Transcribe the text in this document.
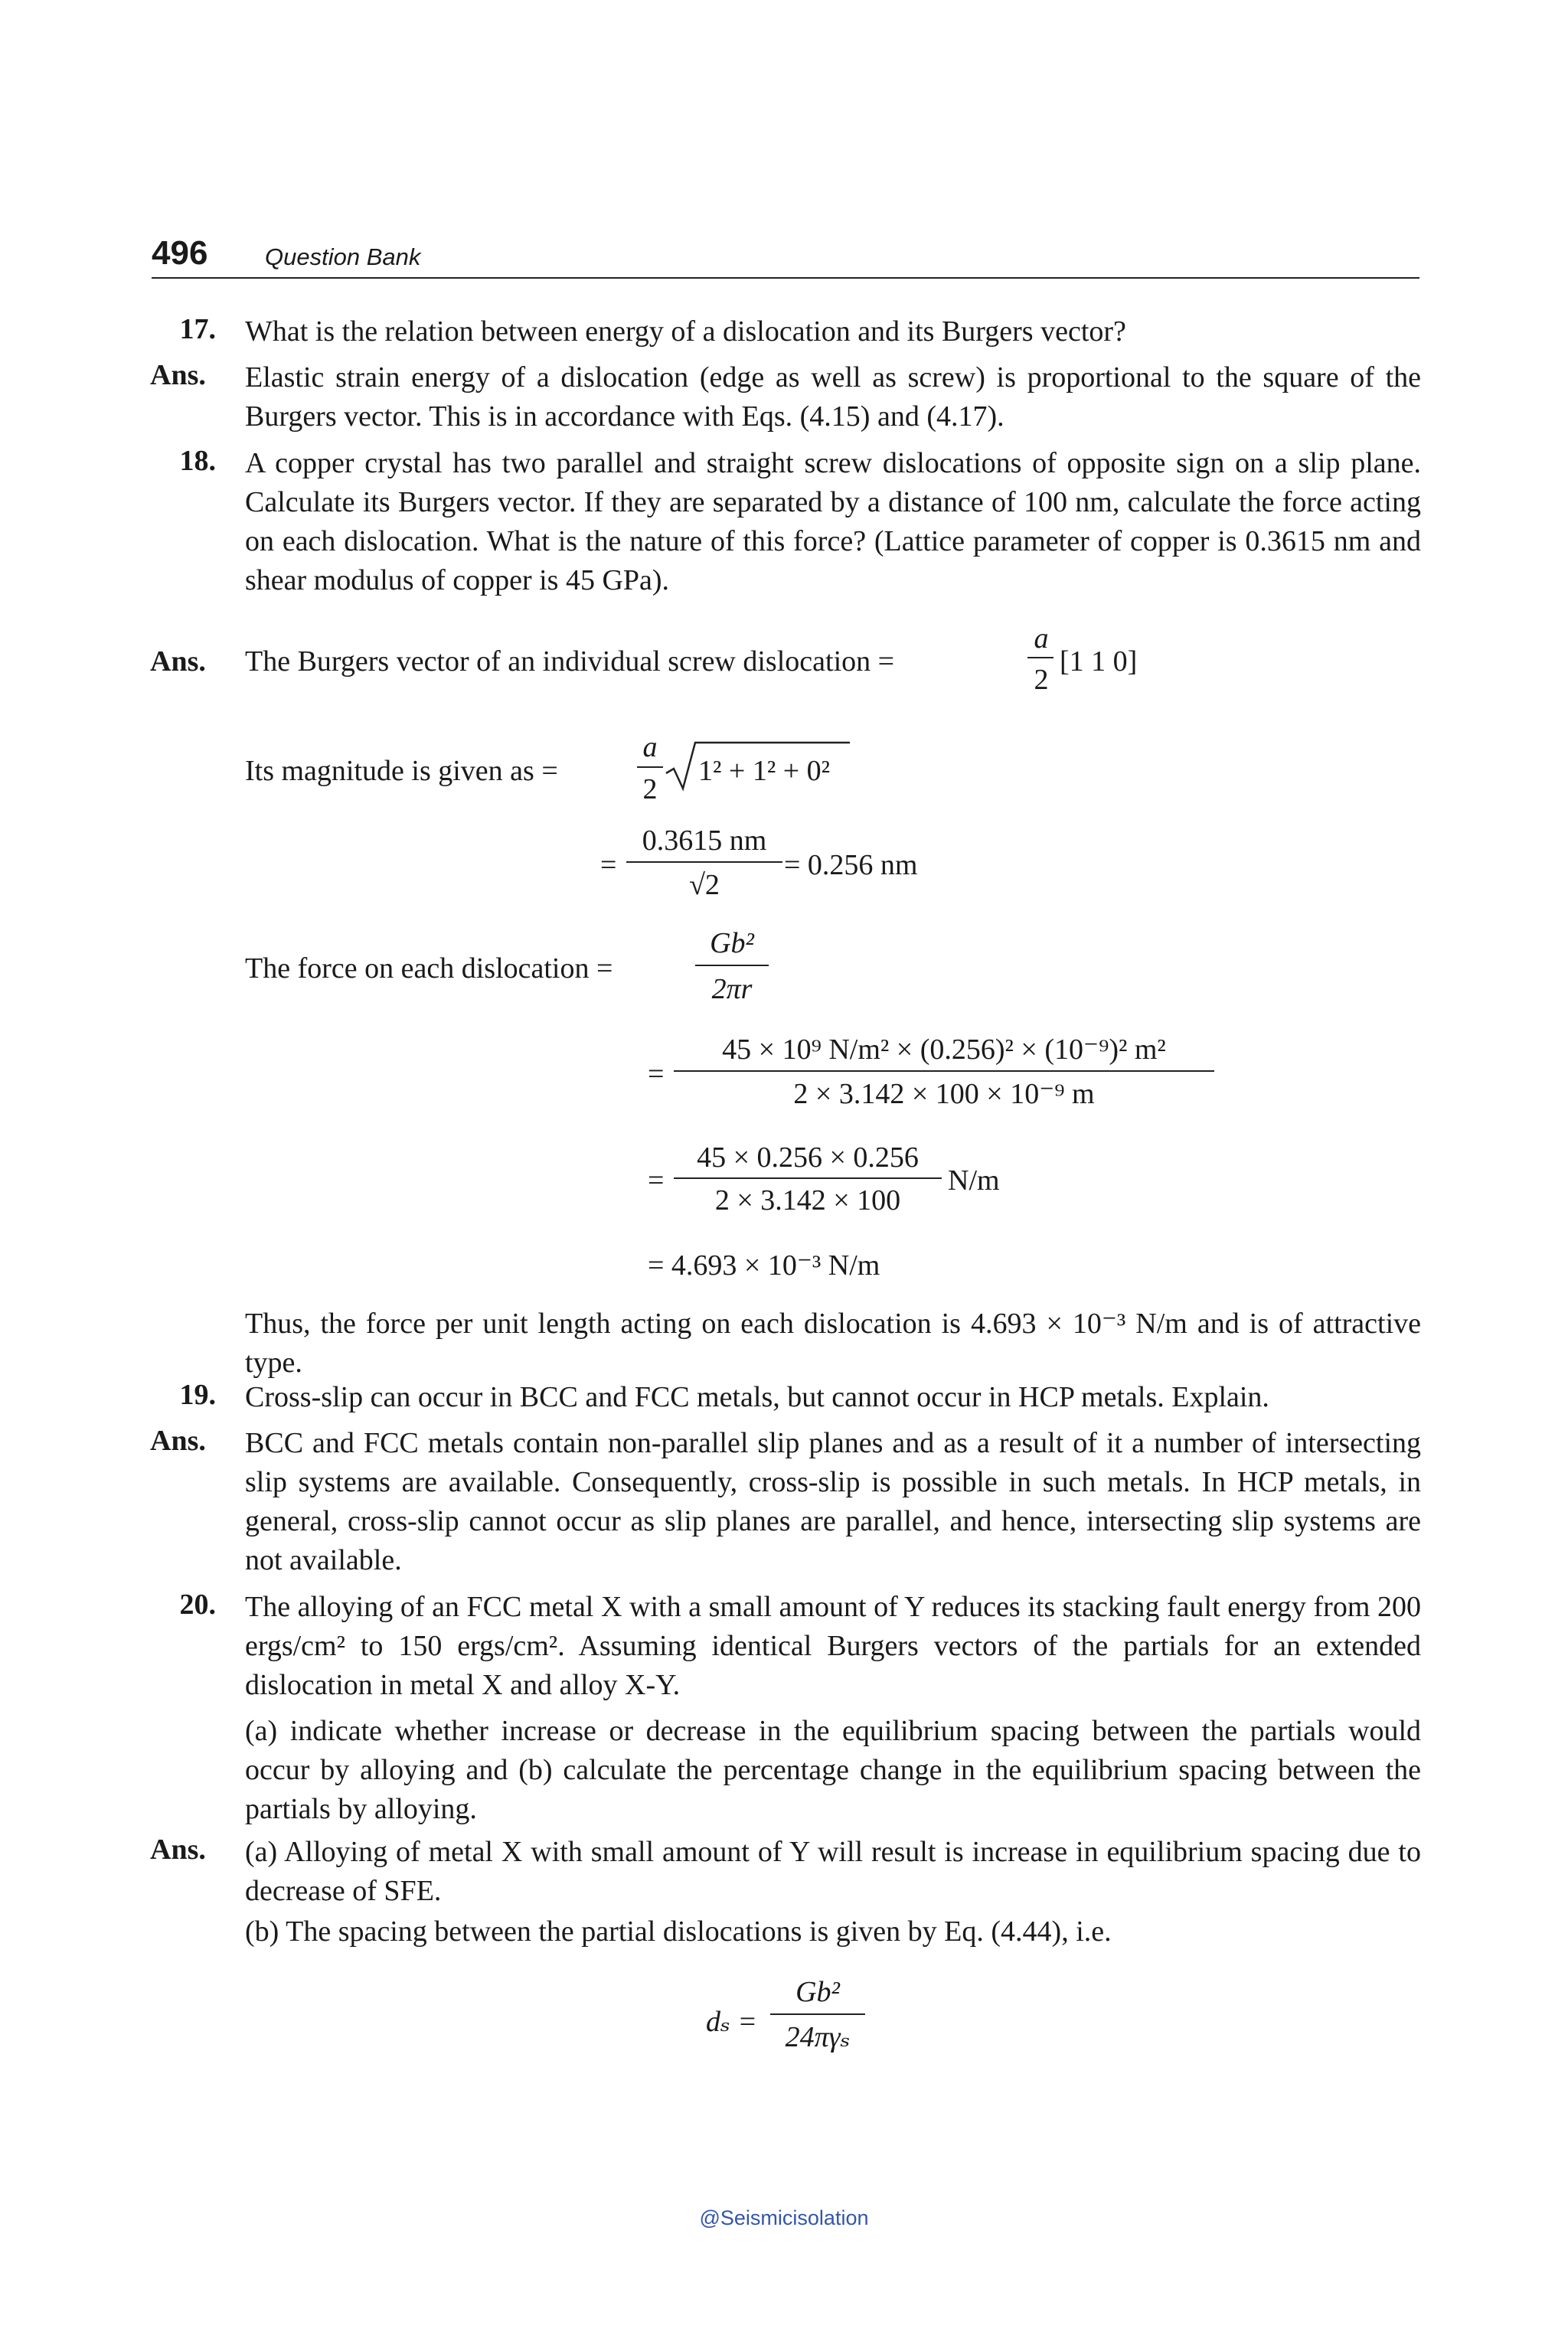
496 Question Bank
17. What is the relation between energy of a dislocation and its Burgers vector?
Ans.	Elastic strain energy of a dislocation (edge as well as screw) is proportional to the square of the Burgers vector. This is in accordance with Eqs. (4.15) and (4.17).
18. A copper crystal has two parallel and straight screw dislocations of opposite sign on a slip plane. Calculate its Burgers vector. If they are separated by a distance of 100 nm, calculate the force acting on each dislocation. What is the nature of this force? (Lattice parameter of copper is 0.3615 nm and shear modulus of copper is 45 GPa).
Ans.	The Burgers vector of an individual screw dislocation =
a
2
[1 1 0]
Its magnitude is given as =
a
2
1² + 1² + 0²
=
0.3615 nm
√2
= 0.256 nm
The force on each dislocation =
Gb²
2πr
=
45 × 10⁹ N/m² × (0.256)² × (10⁻⁹)² m²
2 × 3.142 × 100 × 10⁻⁹ m
=
45 × 0.256 × 0.256
2 × 3.142 × 100
N/m
= 4.693 × 10⁻³ N/m
Thus, the force per unit length acting on each dislocation is 4.693 × 10⁻³ N/m and is of attractive type.
19. Cross-slip can occur in BCC and FCC metals, but cannot occur in HCP metals. Explain.
Ans.	BCC and FCC metals contain non-parallel slip planes and as a result of it a number of intersecting slip systems are available. Consequently, cross-slip is possible in such metals. In HCP metals, in general, cross-slip cannot occur as slip planes are parallel, and hence, intersecting slip systems are not available.
20. The alloying of an FCC metal X with a small amount of Y reduces its stacking fault energy from 200 ergs/cm² to 150 ergs/cm². Assuming identical Burgers vectors of the partials for an extended dislocation in metal X and alloy X-Y.
(a) indicate whether increase or decrease in the equilibrium spacing between the partials would occur by alloying and (b) calculate the percentage change in the equilibrium spacing between the partials by alloying.
Ans.	(a) Alloying of metal X with small amount of Y will result is increase in equilibrium spacing due to decrease of SFE.
(b) The spacing between the partial dislocations is given by Eq. (4.44), i.e.
dₛ =
Gb²
24πγₛ
@Seismicisolation
